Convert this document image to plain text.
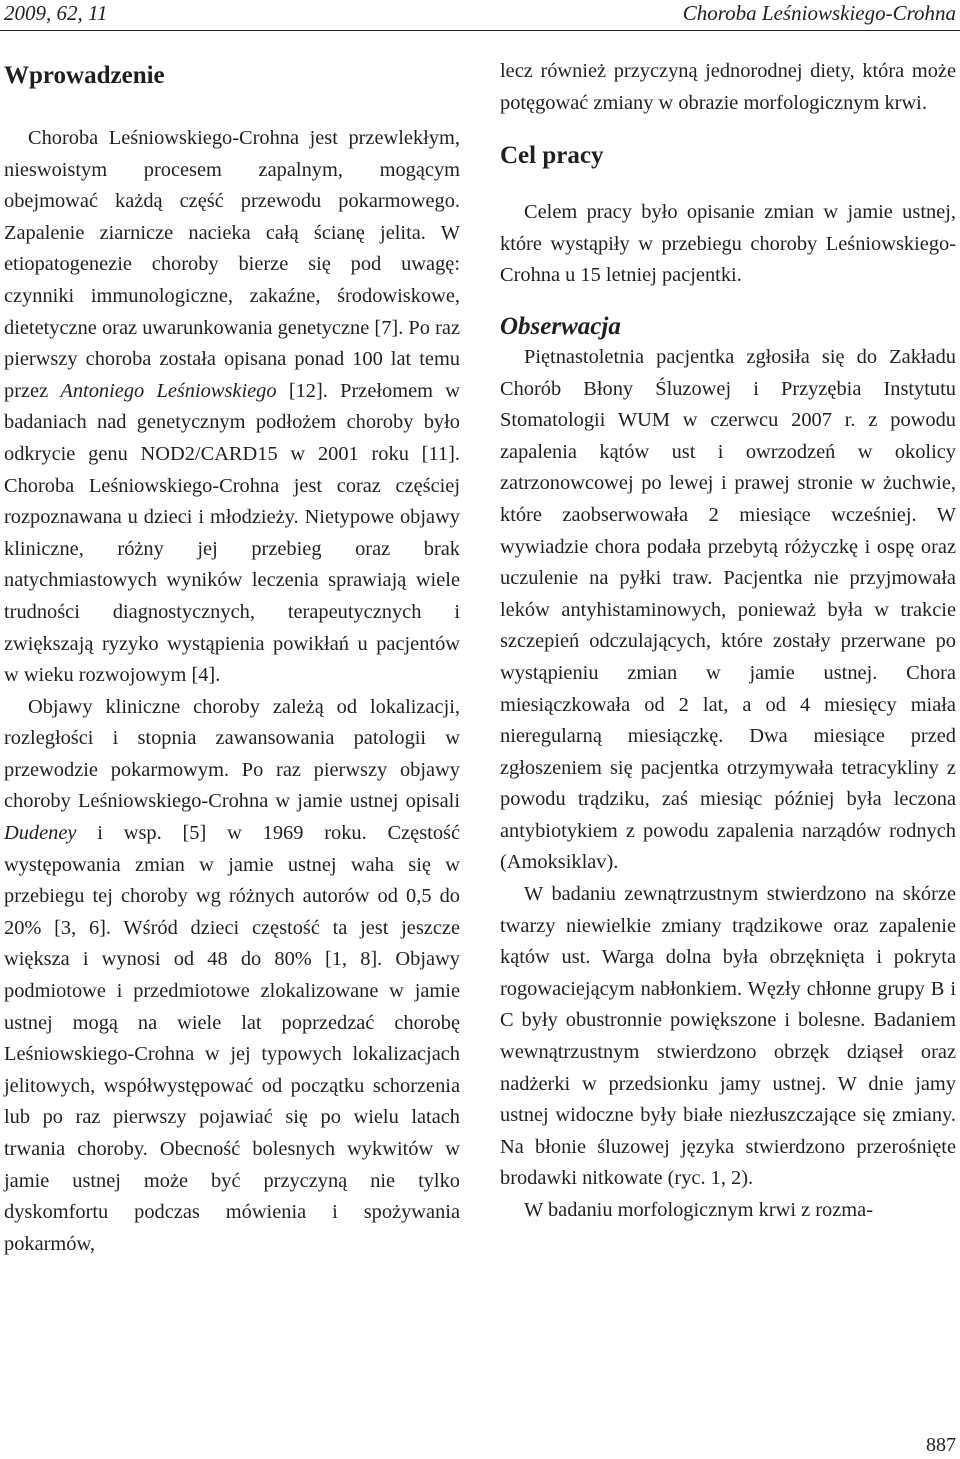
2009, 62, 11	Choroba Leśniowskiego-Crohna
Wprowadzenie

Choroba Leśniowskiego-Crohna jest przewlekłym, nieswoistym procesem zapalnym, mogącym obejmować każdą część przewodu pokarmowego. Zapalenie ziarnicze nacieka całą ścianę jelita. W etiopatogenezie choroby bierze się pod uwagę: czynniki immunologiczne, zakaźne, środowiskowe, dietetyczne oraz uwarunkowania genetyczne [7]. Po raz pierwszy choroba została opisana ponad 100 lat temu przez Antoniego Leśniowskiego [12]. Przełomem w badaniach nad genetycznym podłożem choroby było odkrycie genu NOD2/CARD15 w 2001 roku [11]. Choroba Leśniowskiego-Crohna jest coraz częściej rozpoznawana u dzieci i młodzieży. Nietypowe objawy kliniczne, różny jej przebieg oraz brak natychmiastowych wyników leczenia sprawiają wiele trudności diagnostycznych, terapeutycznych i zwiększają ryzyko wystąpienia powikłań u pacjentów w wieku rozwojowym [4].

Objawy kliniczne choroby zależą od lokalizacji, rozległości i stopnia zawansowania patologii w przewodzie pokarmowym. Po raz pierwszy objawy choroby Leśniowskiego-Crohna w jamie ustnej opisali Dudeney i wsp. [5] w 1969 roku. Częstość występowania zmian w jamie ustnej waha się w przebiegu tej choroby wg różnych autorów od 0,5 do 20% [3, 6]. Wśród dzieci częstość ta jest jeszcze większa i wynosi od 48 do 80% [1, 8]. Objawy podmiotowe i przedmiotowe zlokalizowane w jamie ustnej mogą na wiele lat poprzedzać chorobę Leśniowskiego-Crohna w jej typowych lokalizacjach jelitowych, współwystępować od początku schorzenia lub po raz pierwszy pojawiać się po wielu latach trwania choroby. Obecność bolesnych wykwitów w jamie ustnej może być przyczyną nie tylko dyskomfortu podczas mówienia i spożywania pokarmów,

lecz również przyczyną jednorodnej diety, która może potęgować zmiany w obrazie morfologicznym krwi.

Cel pracy

Celem pracy było opisanie zmian w jamie ustnej, które wystąpiły w przebiegu choroby Leśniowskiego-Crohna u 15 letniej pacjentki.

Obserwacja

Piętnastoletnia pacjentka zgłosiła się do Zakładu Chorób Błony Śluzowej i Przyzębia Instytutu Stomatologii WUM w czerwcu 2007 r. z powodu zapalenia kątów ust i owrzodzeń w okolicy zatrzonowcowej po lewej i prawej stronie w żuchwie, które zaobserwowała 2 miesiące wcześniej. W wywiadzie chora podała przebytą różyczkę i ospę oraz uczulenie na pyłki traw. Pacjentka nie przyjmowała leków antyhistaminowych, ponieważ była w trakcie szczepień odczulających, które zostały przerwane po wystąpieniu zmian w jamie ustnej. Chora miesiączkowała od 2 lat, a od 4 miesięcy miała nieregularną miesiączkę. Dwa miesiące przed zgłoszeniem się pacjentka otrzymywała tetracykliny z powodu trądziku, zaś miesiąc później była leczona antybiotykiem z powodu zapalenia narządów rodnych (Amoksiklav).

W badaniu zewnątrzustnym stwierdzono na skórze twarzy niewielkie zmiany trądzikowe oraz zapalenie kątów ust. Warga dolna była obrzęknięta i pokryta rogowaciejącym nabłonkiem. Węzły chłonne grupy B i C były obustronnie powiększone i bolesne. Badaniem wewnątrzustnym stwierdzono obrzęk dziąseł oraz nadżerki w przedsionku jamy ustnej. W dnie jamy ustnej widoczne były białe niezłuszczające się zmiany. Na błonie śluzowej języka stwierdzono przerośnięte brodawki nitkowate (ryc. 1, 2).

W badaniu morfologicznym krwi z rozma-

887
